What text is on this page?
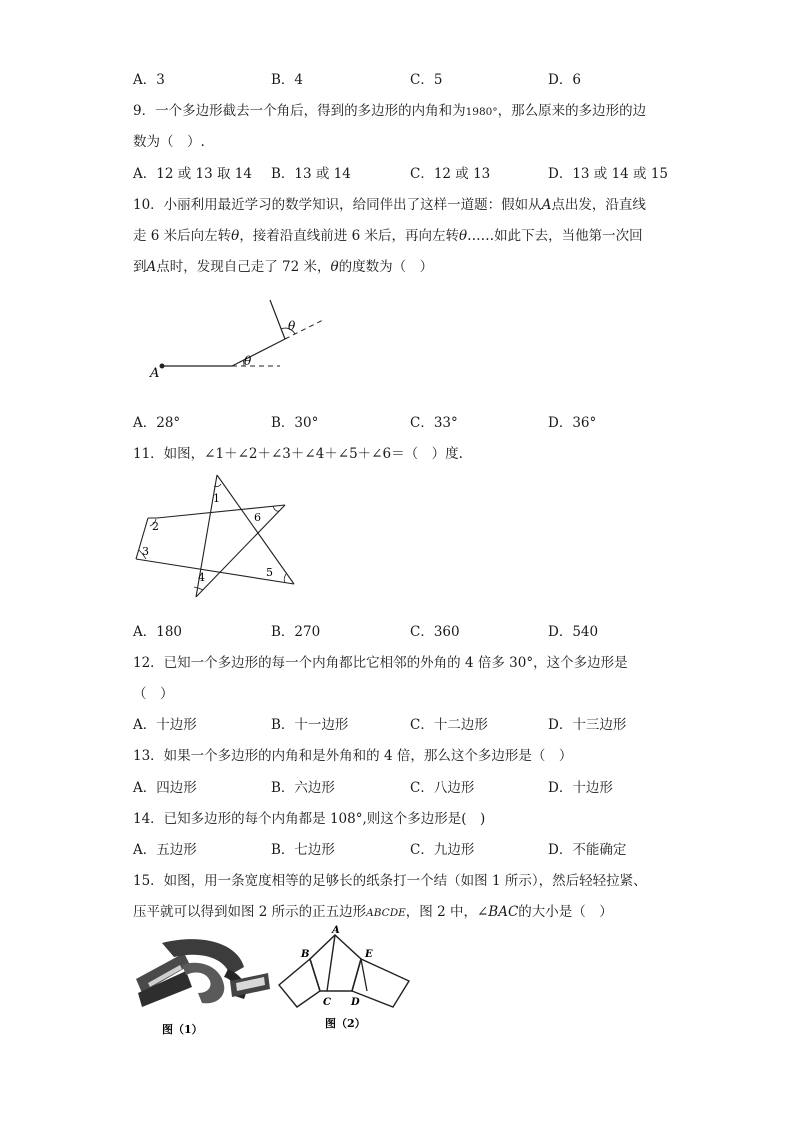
A．3	B．4	C．5	D．6
9．一个多边形截去一个角后，得到的多边形的内角和为1980°，那么原来的多边形的边
数为（　）.
A．12 或 13 取 14 B．13 或 14	C．12 或 13	D．13 或 14 或 15
10．小丽利用最近学习的数学知识，给同伴出了这样一道题：假如从A点出发，沿直线
走 6 米后向左转θ，接着沿直线前进 6 米后，再向左转θ……如此下去，当他第一次回
到A点时，发现自己走了 72 米，θ的度数为（　）
A
θ
θ
A．28°	B．30°	C．33°	D．36°
11．如图，∠1＋∠2＋∠3＋∠4＋∠5＋∠6＝（　）度.
1
2
3
4	5
6
A．180	B．270	C．360	D．540
12．已知一个多边形的每一个内角都比它相邻的外角的 4 倍多 30°，这个多边形是
（　）
A．十边形	B．十一边形	C．十二边形	D．十三边形
13．如果一个多边形的内角和是外角和的 4 倍，那么这个多边形是（　）
A．四边形	B．六边形	C．八边形	D．十边形
14．已知多边形的每个内角都是 108°,则这个多边形是(　)
A．五边形	B．七边形	C．九边形	D．不能确定
15．如图，用一条宽度相等的足够长的纸条打一个结（如图 1 所示），然后轻轻拉紧、
压平就可以得到如图 2 所示的正五边形ABCDE，图 2 中，∠BAC的大小是（　）
图（1）
A
B	E
C D
图（2）
